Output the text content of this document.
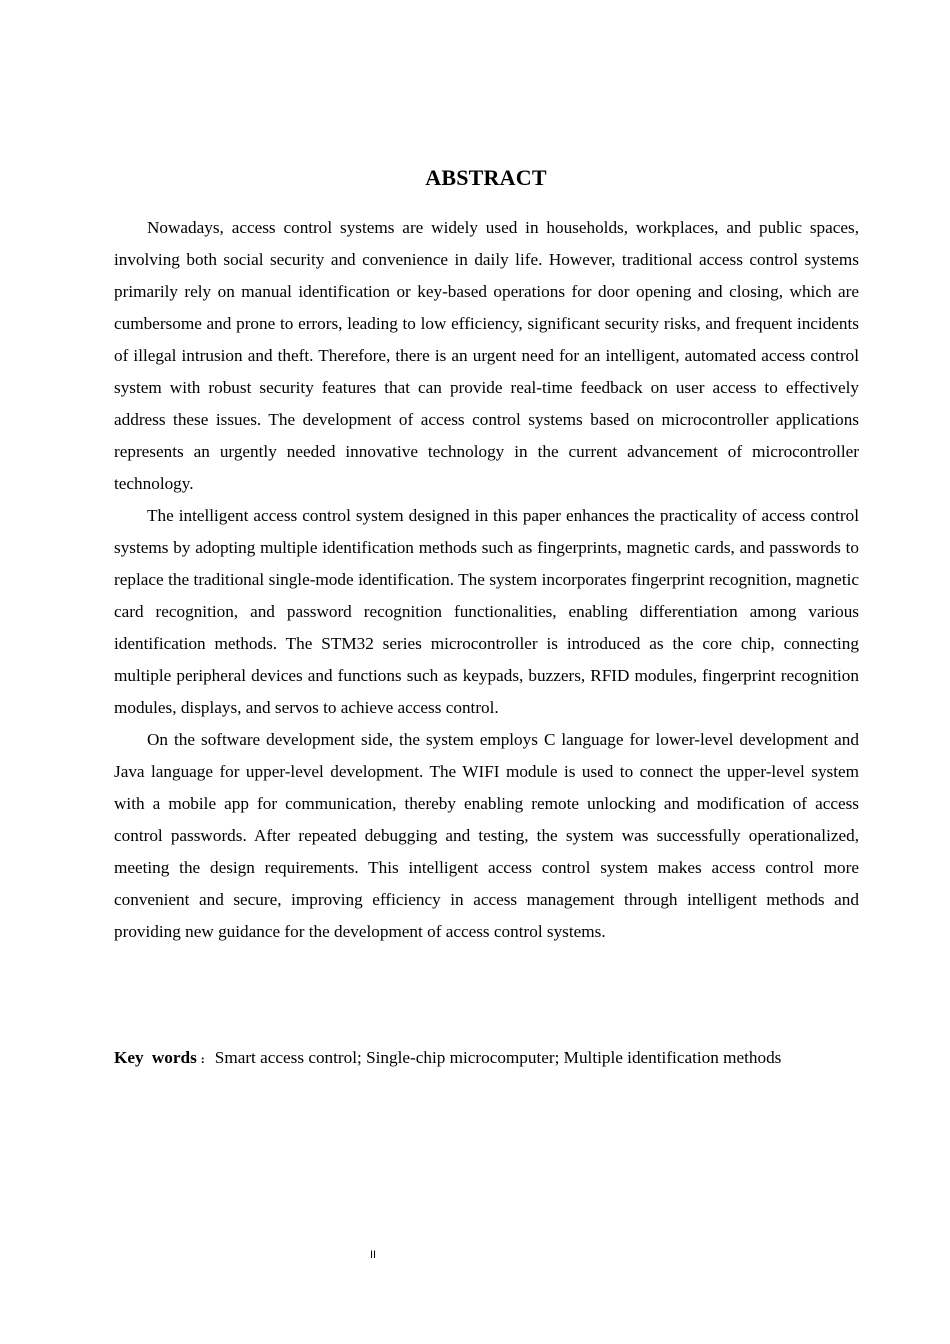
ABSTRACT

Nowadays, access control systems are widely used in households, workplaces, and public spaces, involving both social security and convenience in daily life. However, traditional access control systems primarily rely on manual identification or key-based operations for door opening and closing, which are cumbersome and prone to errors, leading to low efficiency, significant security risks, and frequent incidents of illegal intrusion and theft. Therefore, there is an urgent need for an intelligent, automated access control system with robust security features that can provide real-time feedback on user access to effectively address these issues. The development of access control systems based on microcontroller applications represents an urgently needed innovative technology in the current advancement of microcontroller technology.

The intelligent access control system designed in this paper enhances the practicality of access control systems by adopting multiple identification methods such as fingerprints, magnetic cards, and passwords to replace the traditional single-mode identification. The system incorporates fingerprint recognition, magnetic card recognition, and password recognition functionalities, enabling differentiation among various identification methods. The STM32 series microcontroller is introduced as the core chip, connecting multiple peripheral devices and functions such as keypads, buzzers, RFID modules, fingerprint recognition modules, displays, and servos to achieve access control.

On the software development side, the system employs C language for lower-level development and Java language for upper-level development. The WIFI module is used to connect the upper-level system with a mobile app for communication, thereby enabling remote unlocking and modification of access control passwords. After repeated debugging and testing, the system was successfully operationalized, meeting the design requirements. This intelligent access control system makes access control more convenient and secure, improving efficiency in access management through intelligent methods and providing new guidance for the development of access control systems.

Key words : Smart access control; Single-chip microcomputer; Multiple identification methods

II
